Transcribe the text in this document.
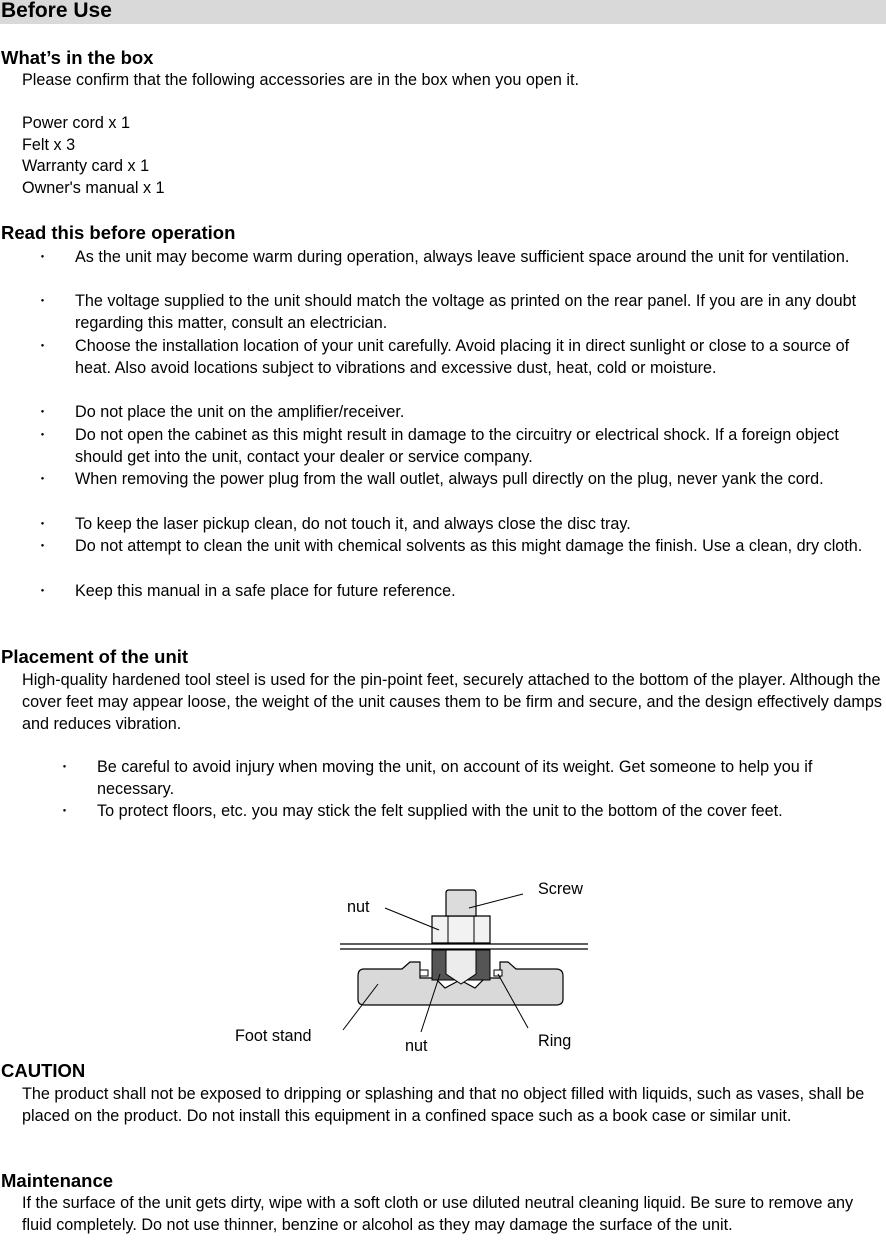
Before Use
What’s in the box
Please confirm that the following accessories are in the box when you open it.
Power cord x 1
Felt x 3
Warranty card x 1
Owner's manual x 1
Read this before operation
･ As the unit may become warm during operation, always leave sufficient space around the unit for ventilation.
･ The voltage supplied to the unit should match the voltage as printed on the rear panel. If you are in any doubt regarding this matter, consult an electrician.
･ Choose the installation location of your unit carefully. Avoid placing it in direct sunlight or close to a source of heat. Also avoid locations subject to vibrations and excessive dust, heat, cold or moisture.
･ Do not place the unit on the amplifier/receiver.
･ Do not open the cabinet as this might result in damage to the circuitry or electrical shock. If a foreign object should get into the unit, contact your dealer or service company.
･ When removing the power plug from the wall outlet, always pull directly on the plug, never yank the cord.
･ To keep the laser pickup clean, do not touch it, and always close the disc tray.
･ Do not attempt to clean the unit with chemical solvents as this might damage the finish. Use a clean, dry cloth.
･ Keep this manual in a safe place for future reference.
Placement of the unit
High-quality hardened tool steel is used for the pin-point feet, securely attached to the bottom of the player. Although the cover feet may appear loose, the weight of the unit causes them to be firm and secure, and the design effectively damps and reduces vibration.
･ Be careful to avoid injury when moving the unit, on account of its weight. Get someone to help you if necessary.
･ To protect floors, etc. you may stick the felt supplied with the unit to the bottom of the cover feet.
nut
Screw
Foot stand
nut	Ring
CAUTION
The product shall not be exposed to dripping or splashing and that no object filled with liquids, such as vases, shall be placed on the product. Do not install this equipment in a confined space such as a book case or similar unit.
Maintenance
If the surface of the unit gets dirty, wipe with a soft cloth or use diluted neutral cleaning liquid. Be sure to remove any fluid completely. Do not use thinner, benzine or alcohol as they may damage the surface of the unit.
